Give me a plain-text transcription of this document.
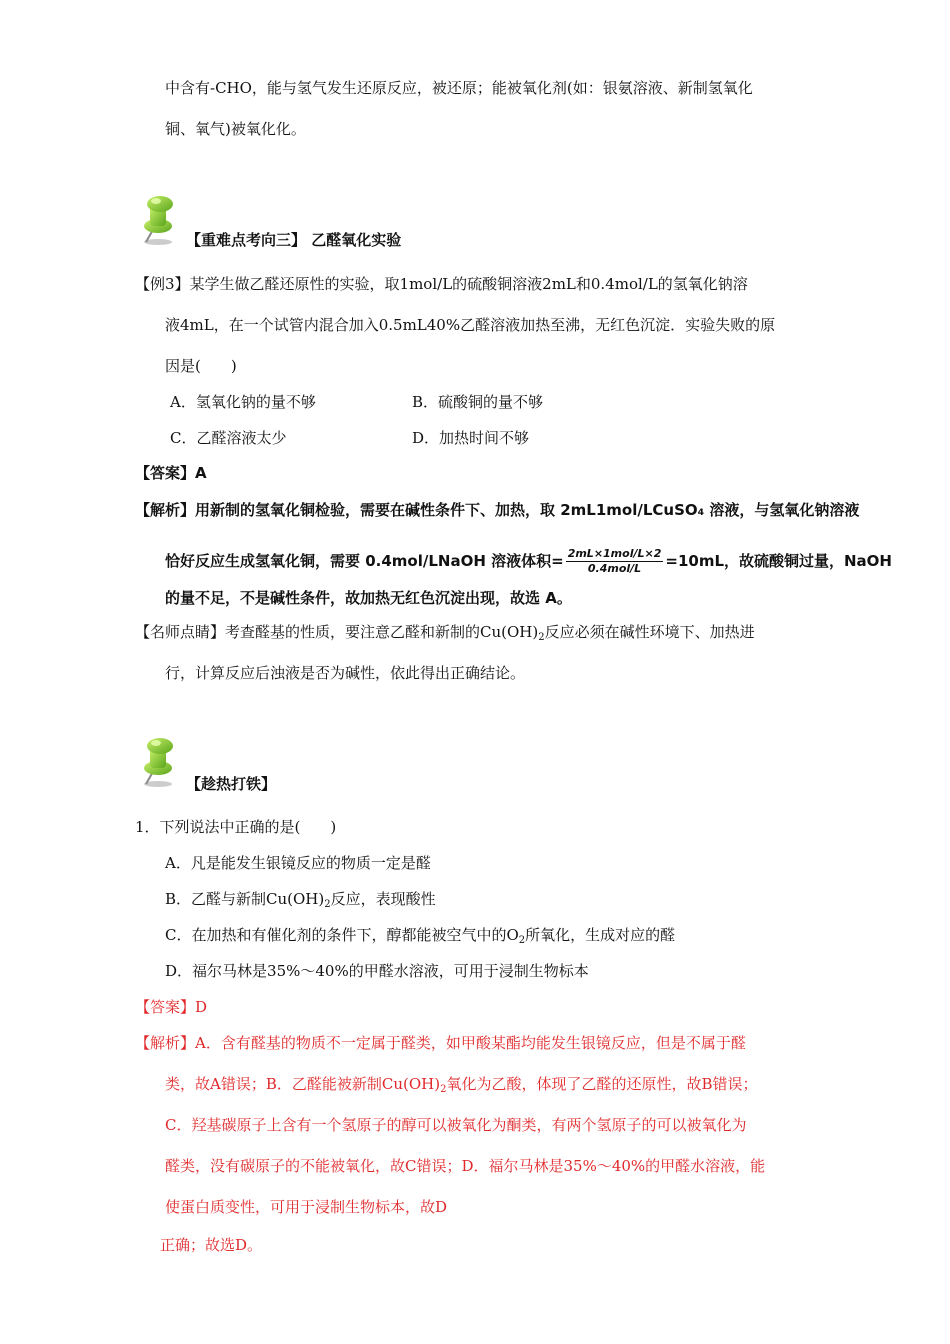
中含有-CHO，能与氢气发生还原反应，被还原；能被氧化剂(如：银氨溶液、新制氢氧化
铜、氧气)被氧化化。
【重难点考向三】 乙醛氧化实验
【例3】某学生做乙醛还原性的实验，取1mol/L的硫酸铜溶液2mL和0.4mol/L的氢氧化钠溶
液4mL，在一个试管内混合加入0.5mL40%乙醛溶液加热至沸，无红色沉淀．实验失败的原
因是(　　)
A．氢氧化钠的量不够	B．硫酸铜的量不够
C．乙醛溶液太少	D．加热时间不够
【答案】A
【解析】用新制的氢氧化铜检验，需要在碱性条件下、加热，取 2mL1mol/LCuSO₄ 溶液，与氢氧化钠溶液
恰好反应生成氢氧化铜，需要 0.4mol/LNaOH 溶液体积= $\frac{\text{2mL×1mol/L×2}}{\text{0.4mol/L}} =10mL$，故硫酸铜过量，NaOH
的量不足，不是碱性条件，故加热无红色沉淀出现，故选 A。
【名师点睛】考查醛基的性质，要注意乙醛和新制的$Cu(OH)_2$反应必须在碱性环境下、加热进
行，计算反应后浊液是否为碱性，依此得出正确结论。
【趁热打铁】
1．下列说法中正确的是(　　)
A．凡是能发生银镜反应的物质一定是醛
B．乙醛与新制$Cu(OH)_2$反应，表现酸性
C．在加热和有催化剂的条件下，醇都能被空气中的$O_2$所氧化，生成对应的醛
D．福尔马林是35%～40%的甲醛水溶液，可用于浸制生物标本
【答案】D
【解析】A．含有醛基的物质不一定属于醛类，如甲酸某酯均能发生银镜反应，但是不属于醛
类，故A错误；B．乙醛能被新制$Cu(OH)_2$氧化为乙酸，体现了乙醛的还原性，故B错误；
C．羟基碳原子上含有一个氢原子的醇可以被氧化为酮类，有两个氢原子的可以被氧化为
醛类，没有碳原子的不能被氧化，故C错误；D．福尔马林是35%～40%的甲醛水溶液，能
使蛋白质变性，可用于浸制生物标本，故D
正确；故选D。
